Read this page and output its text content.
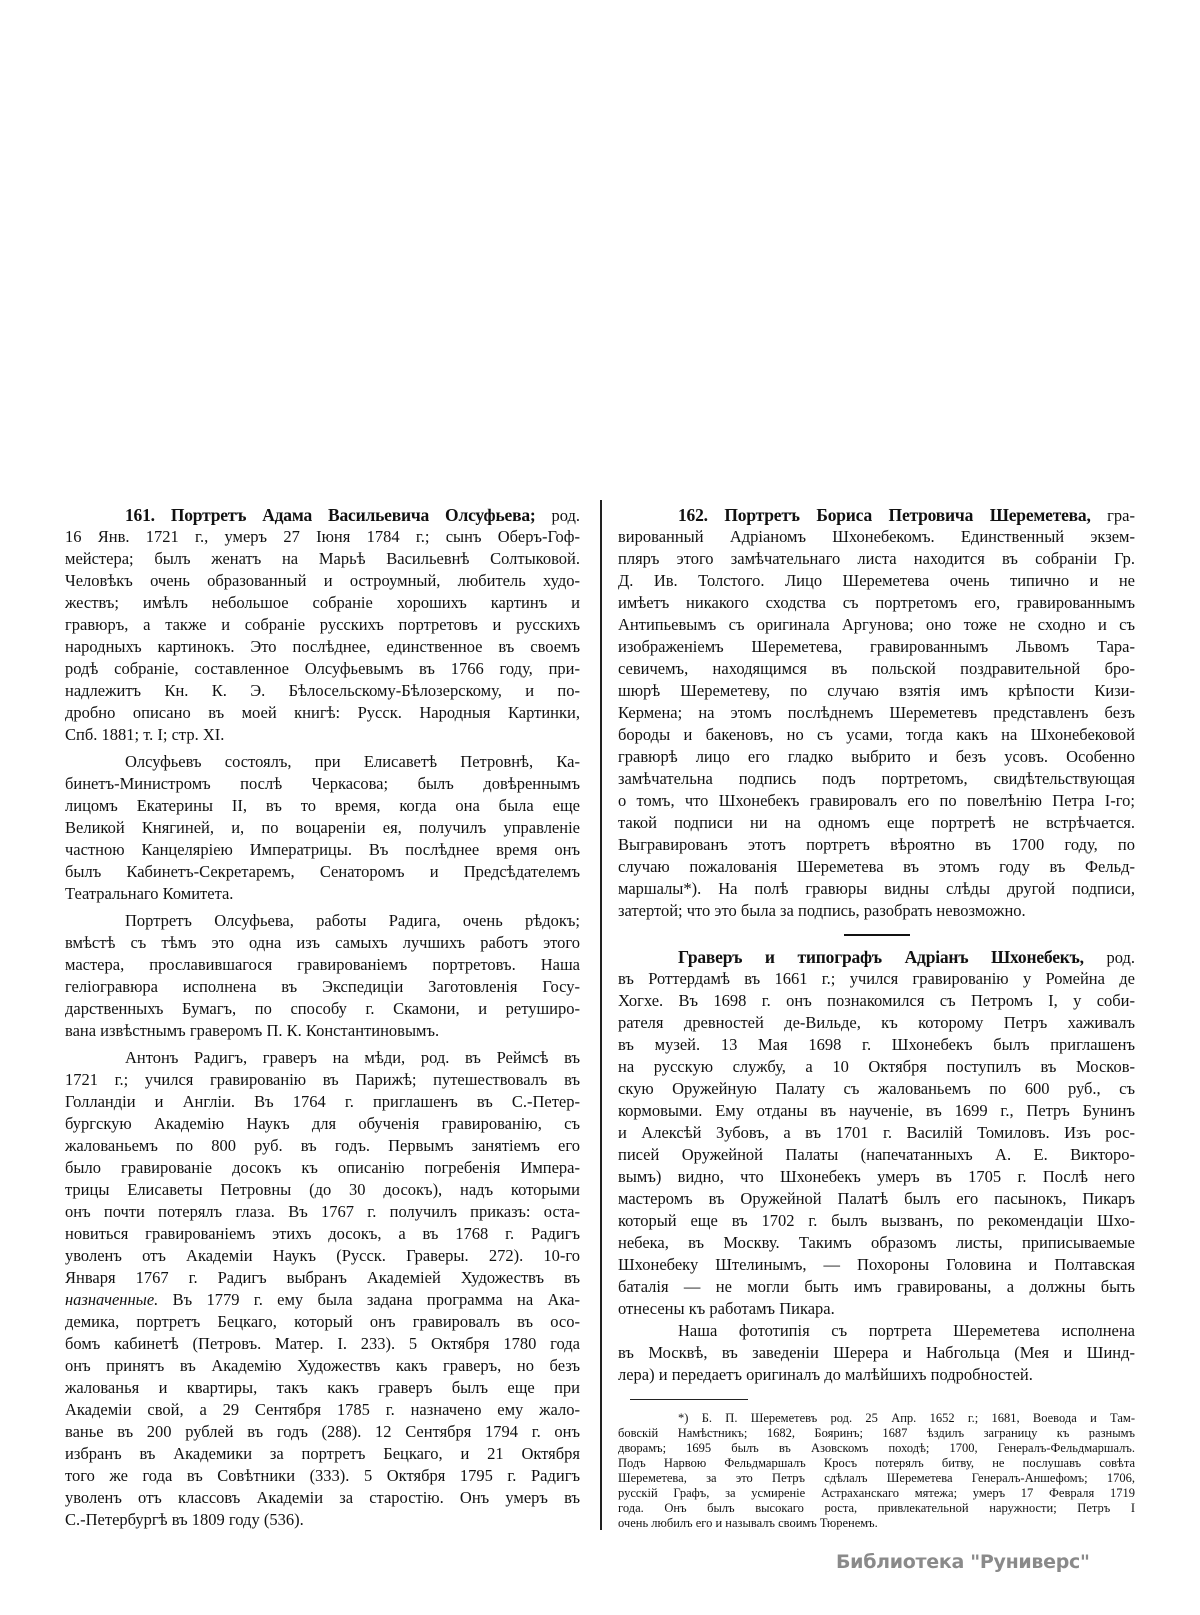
161. Портретъ Адама Васильевича Олсуфьева; род.
16 Янв. 1721 г., умеръ 27 Іюня 1784 г.; сынъ Оберъ-Гоф-
мейстера; былъ женатъ на Марьѣ Васильевнѣ Солтыковой.
Человѣкъ очень образованный и остроумный, любитель худо-
жествъ; имѣлъ небольшое собраніе хорошихъ картинъ и
гравюръ, а также и собраніе русскихъ портретовъ и русскихъ
народныхъ картинокъ. Это послѣднее, единственное въ своемъ
родѣ собраніе, составленное Олсуфьевымъ въ 1766 году, при-
надлежитъ Кн. К. Э. Бѣлосельскому-Бѣлозерскому, и по-
дробно описано въ моей книгѣ: Русск. Народныя Картинки,
Спб. 1881; т. I; стр. XI.
Олсуфьевъ состоялъ, при Елисаветѣ Петровнѣ, Ка-
бинетъ-Министромъ послѣ Черкасова; былъ довѣреннымъ
лицомъ Екатерины II, въ то время, когда она была еще
Великой Княгиней, и, по воцареніи ея, получилъ управленіе
частною Канцеляріею Императрицы. Въ послѣднее время онъ
былъ Кабинетъ-Секретаремъ, Сенаторомъ и Предсѣдателемъ
Театральнаго Комитета.
Портретъ Олсуфьева, работы Радига, очень рѣдокъ;
вмѣстѣ съ тѣмъ это одна изъ самыхъ лучшихъ работъ этого
мастера, прославившагося гравированіемъ портретовъ. Наша
геліогравюра исполнена въ Экспедиціи Заготовленія Госу-
дарственныхъ Бумагъ, по способу г. Скамони, и ретуширо-
вана извѣстнымъ граверомъ П. К. Константиновымъ.
Антонъ Радигъ, граверъ на мѣди, род. въ Реймсѣ въ
1721 г.; учился гравированію въ Парижѣ; путешествовалъ въ
Голландіи и Англіи. Въ 1764 г. приглашенъ въ С.-Петер-
бургскую Академію Наукъ для обученія гравированію, съ
жалованьемъ по 800 руб. въ годъ. Первымъ занятіемъ его
было гравированіе досокъ къ описанію погребенія Импера-
трицы Елисаветы Петровны (до 30 досокъ), надъ которыми
онъ почти потерялъ глаза. Въ 1767 г. получилъ приказъ: оста-
новиться гравированіемъ этихъ досокъ, а въ 1768 г. Радигъ
уволенъ отъ Академіи Наукъ (Русск. Граверы. 272). 10-го
Января 1767 г. Радигъ выбранъ Академіей Художествъ въ
назначенные. Въ 1779 г. ему была задана программа на Ака-
демика, портретъ Бецкаго, который онъ гравировалъ въ осо-
бомъ кабинетѣ (Петровъ. Матер. I. 233). 5 Октября 1780 года
онъ принятъ въ Академію Художествъ какъ граверъ, но безъ
жалованья и квартиры, такъ какъ граверъ былъ еще при
Академіи свой, а 29 Сентября 1785 г. назначено ему жало-
ванье въ 200 рублей въ годъ (288). 12 Сентября 1794 г. онъ
избранъ въ Академики за портретъ Бецкаго, и 21 Октября
того же года въ Совѣтники (333). 5 Октября 1795 г. Радигъ
уволенъ отъ классовъ Академіи за старостію. Онъ умеръ въ
С.-Петербургѣ въ 1809 году (536).
162. Портретъ Бориса Петровича Шереметева, гра-
вированный Адріаномъ Шхонебекомъ. Единственный экзем-
пляръ этого замѣчательнаго листа находится въ собраніи Гр.
Д. Ив. Толстого. Лицо Шереметева очень типично и не
имѣетъ никакого сходства съ портретомъ его, гравированнымъ
Антипьевымъ съ оригинала Аргунова; оно тоже не сходно и съ
изображеніемъ Шереметева, гравированнымъ Львомъ Тара-
севичемъ, находящимся въ польской поздравительной бро-
шюрѣ Шереметеву, по случаю взятія имъ крѣпости Кизи-
Кермена; на этомъ послѣднемъ Шереметевъ представленъ безъ
бороды и бакеновъ, но съ усами, тогда какъ на Шхонебековой
гравюрѣ лицо его гладко выбрито и безъ усовъ. Особенно
замѣчательна подпись подъ портретомъ, свидѣтельствующая
о томъ, что Шхонебекъ гравировалъ его по повелѣнію Петра I-го;
такой подписи ни на одномъ еще портретѣ не встрѣчается.
Выгравированъ этотъ портретъ вѣроятно въ 1700 году, по
случаю пожалованія Шереметева въ этомъ году въ Фельд-
маршалы*). На полѣ гравюры видны слѣды другой подписи,
затертой; что это была за подпись, разобрать невозможно.
Граверъ и типографъ Адріанъ Шхонебекъ, род.
въ Роттердамѣ въ 1661 г.; учился гравированію у Ромейна де
Хогхе. Въ 1698 г. онъ познакомился съ Петромъ I, у соби-
рателя древностей де-Вильде, къ которому Петръ хаживалъ
въ музей. 13 Мая 1698 г. Шхонебекъ былъ приглашенъ
на русскую службу, а 10 Октября поступилъ въ Москов-
скую Оружейную Палату съ жалованьемъ по 600 руб., съ
кормовыми. Ему отданы въ наученіе, въ 1699 г., Петръ Бунинъ
и Алексѣй Зубовъ, а въ 1701 г. Василій Томиловъ. Изъ рос-
писей Оружейной Палаты (напечатанныхъ А. Е. Викторо-
вымъ) видно, что Шхонебекъ умеръ въ 1705 г. Послѣ него
мастеромъ въ Оружейной Палатѣ былъ его пасынокъ, Пикаръ
который еще въ 1702 г. былъ вызванъ, по рекомендаціи Шхо-
небека, въ Москву. Такимъ образомъ листы, приписываемые
Шхонебеку Штелинымъ, — Похороны Головина и Полтавская
баталія — не могли быть имъ гравированы, а должны быть
отнесены къ работамъ Пикара.
Наша фототипія съ портрета Шереметева исполнена
въ Москвѣ, въ заведеніи Шерера и Набгольца (Мея и Шинд-
лера) и передаетъ оригиналъ до малѣйшихъ подробностей.
*) Б. П. Шереметевъ род. 25 Апр. 1652 г.; 1681, Воевода и Там-
бовскій Намѣстникъ; 1682, Бояринъ; 1687 ѣздилъ заграницу къ разнымъ
дворамъ; 1695 былъ въ Азовскомъ походѣ; 1700, Генералъ-Фельдмаршалъ.
Подъ Нарвою Фельдмаршалъ Кросъ потерялъ битву, не послушавъ совѣта
Шереметева, за это Петръ сдѣлалъ Шереметева Генералъ-Аншефомъ; 1706,
русскій Графъ, за усмиреніе Астраханскаго мятежа; умеръ 17 Февраля 1719
года. Онъ былъ высокаго роста, привлекательной наружности; Петръ I
очень любилъ его и называлъ своимъ Тюренемъ.
Библиотека "Руниверс"
